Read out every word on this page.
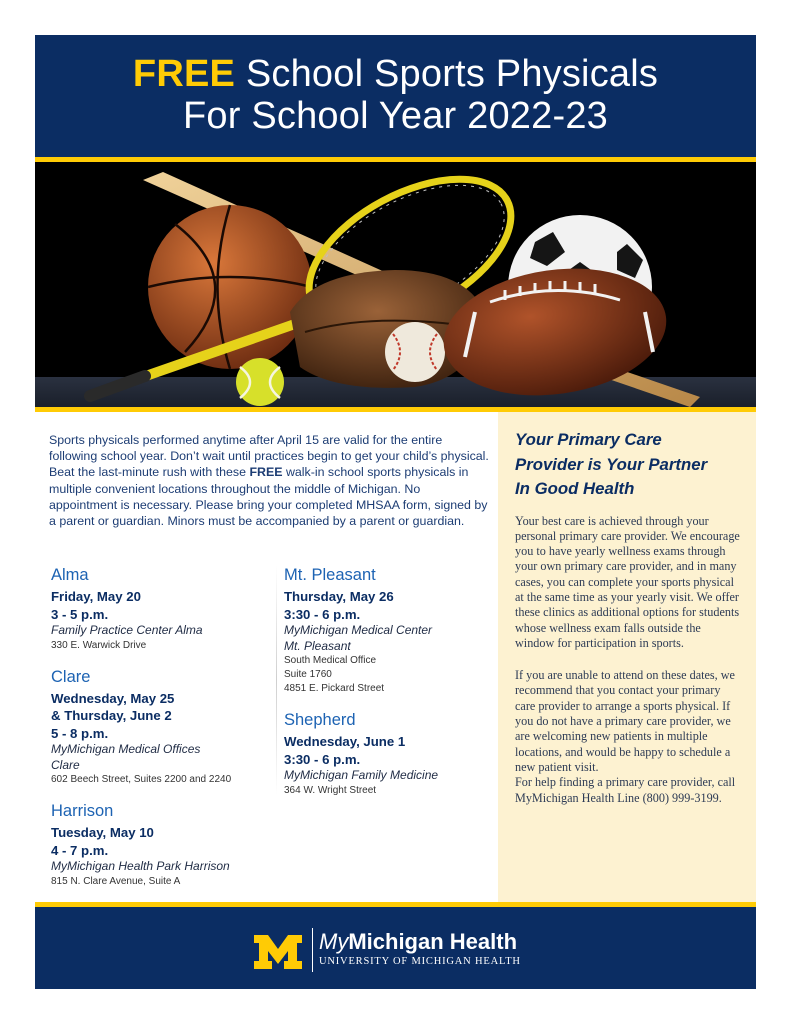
FREE School Sports Physicals
For School Year 2022-23
Sports physicals performed anytime after April 15 are valid for the entire following school year. Don’t wait until practices begin to get your child’s physical. Beat the last-minute rush with these FREE walk-in school sports physicals in multiple convenient locations throughout the middle of Michigan. No appointment is necessary. Please bring your completed MHSAA form, signed by a parent or guardian. Minors must be accompanied by a parent or guardian.
Alma
Friday, May 20
3 - 5 p.m.
Family Practice Center Alma
330 E. Warwick Drive
Clare
Wednesday, May 25
& Thursday, June 2
5 - 8 p.m.
MyMichigan Medical Offices
Clare
602 Beech Street, Suites 2200 and 2240
Harrison
Tuesday, May 10
4 - 7 p.m.
MyMichigan Health Park Harrison
815 N. Clare Avenue, Suite A
Mt. Pleasant
Thursday, May 26
3:30 - 6 p.m.
MyMichigan Medical Center
Mt. Pleasant
South Medical Office
Suite 1760
4851 E. Pickard Street
Shepherd
Wednesday, June 1
3:30 - 6 p.m.
MyMichigan Family Medicine
364 W. Wright Street
Your Primary Care
Provider is Your Partner
In Good Health

Your best care is achieved through your personal primary care provider. We encourage you to have yearly wellness exams through your own primary care provider, and in many cases, you can complete your sports physical at the same time as your yearly visit. We offer these clinics as additional options for students whose wellness exam falls outside the window for participation in sports.

If you are unable to attend on these dates, we recommend that you contact your primary care provider to arrange a sports physical. If you do not have a primary care provider, we are welcoming new patients in multiple locations, and would be happy to schedule a new patient visit.

For help finding a primary care provider, call MyMichigan Health Line (800) 999-3199.

MyMichigan Health
UNIVERSITY OF MICHIGAN HEALTH
